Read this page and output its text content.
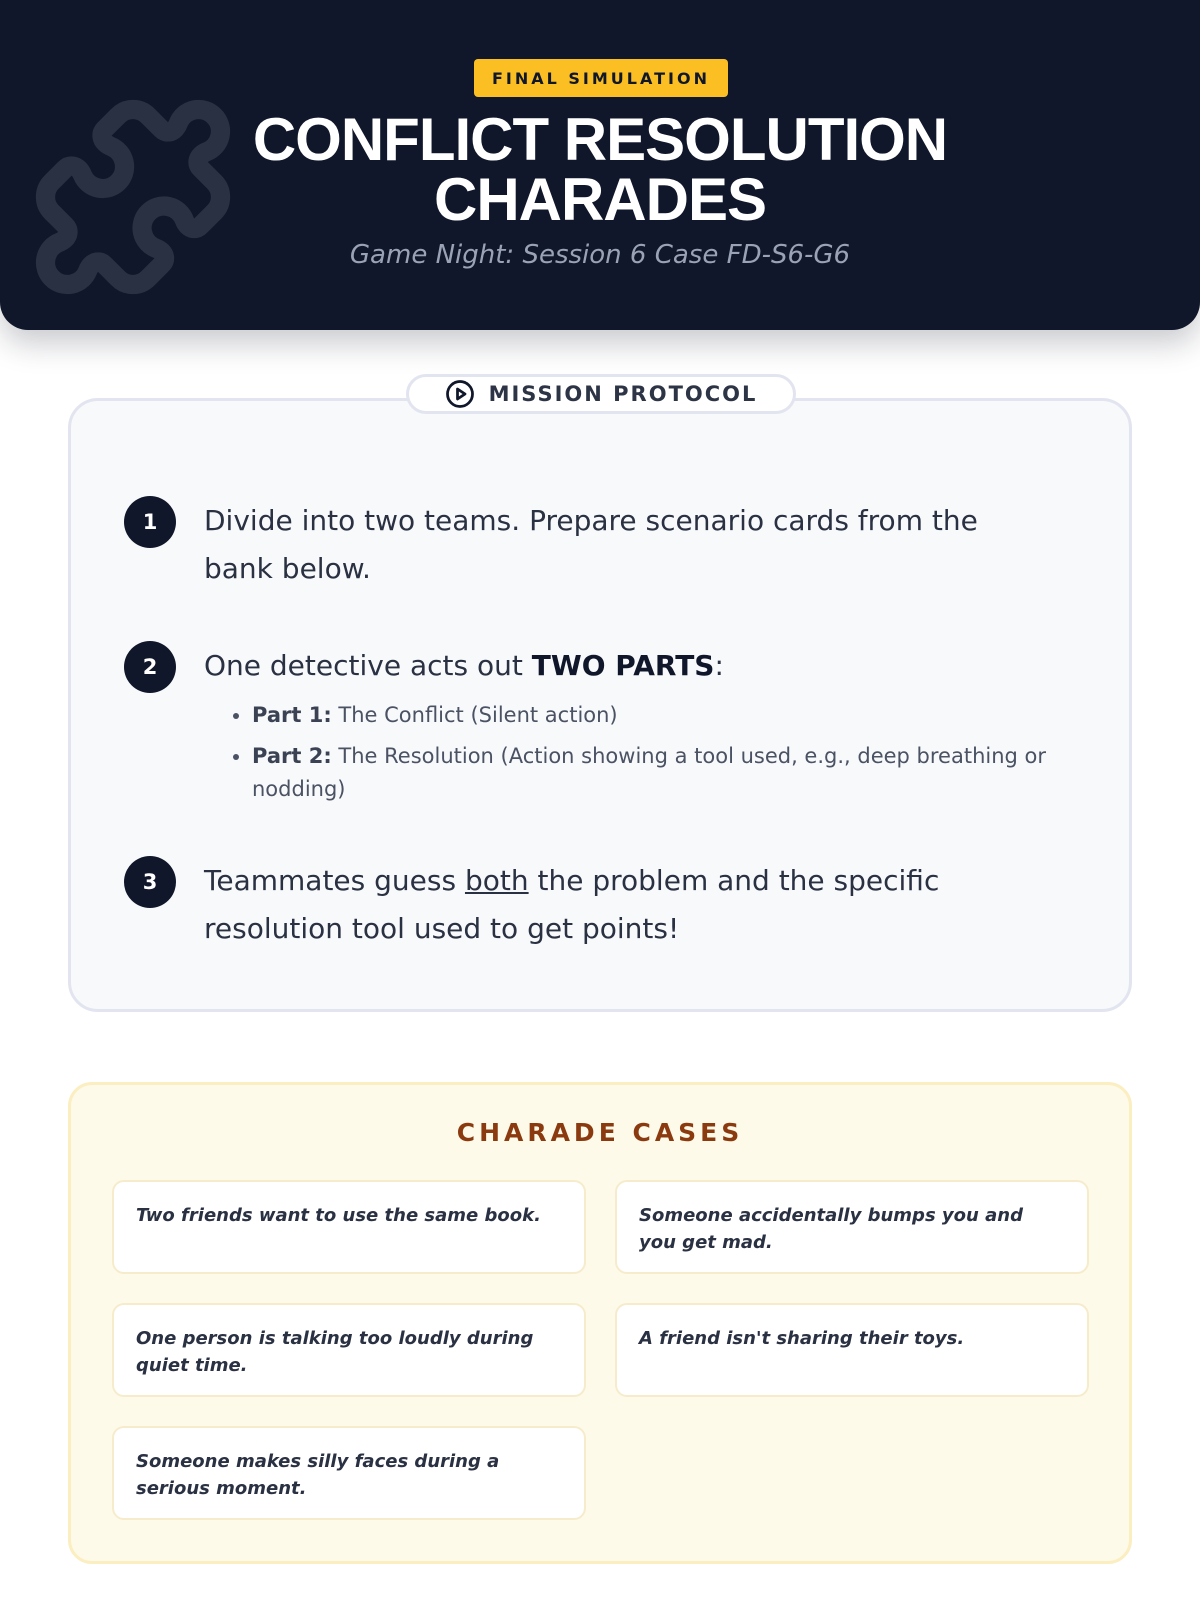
FINAL SIMULATION
CONFLICT RESOLUTION
CHARADES
Game Night: Session 6 Case FD-S6-G6
MISSION PROTOCOL
1	Divide into two teams. Prepare scenario cards from the bank below.
2	One detective acts out TWO PARTS:
• Part 1: The Conflict (Silent action)
• Part 2: The Resolution (Action showing a tool used, e.g., deep breathing or nodding)
3	Teammates guess both the problem and the specific resolution tool used to get points!
CHARADE CASES
Two friends want to use the same book.	Someone accidentally bumps you and you get mad.
One person is talking too loudly during quiet time.
A friend isn't sharing their toys.
Someone makes silly faces during a serious moment.
